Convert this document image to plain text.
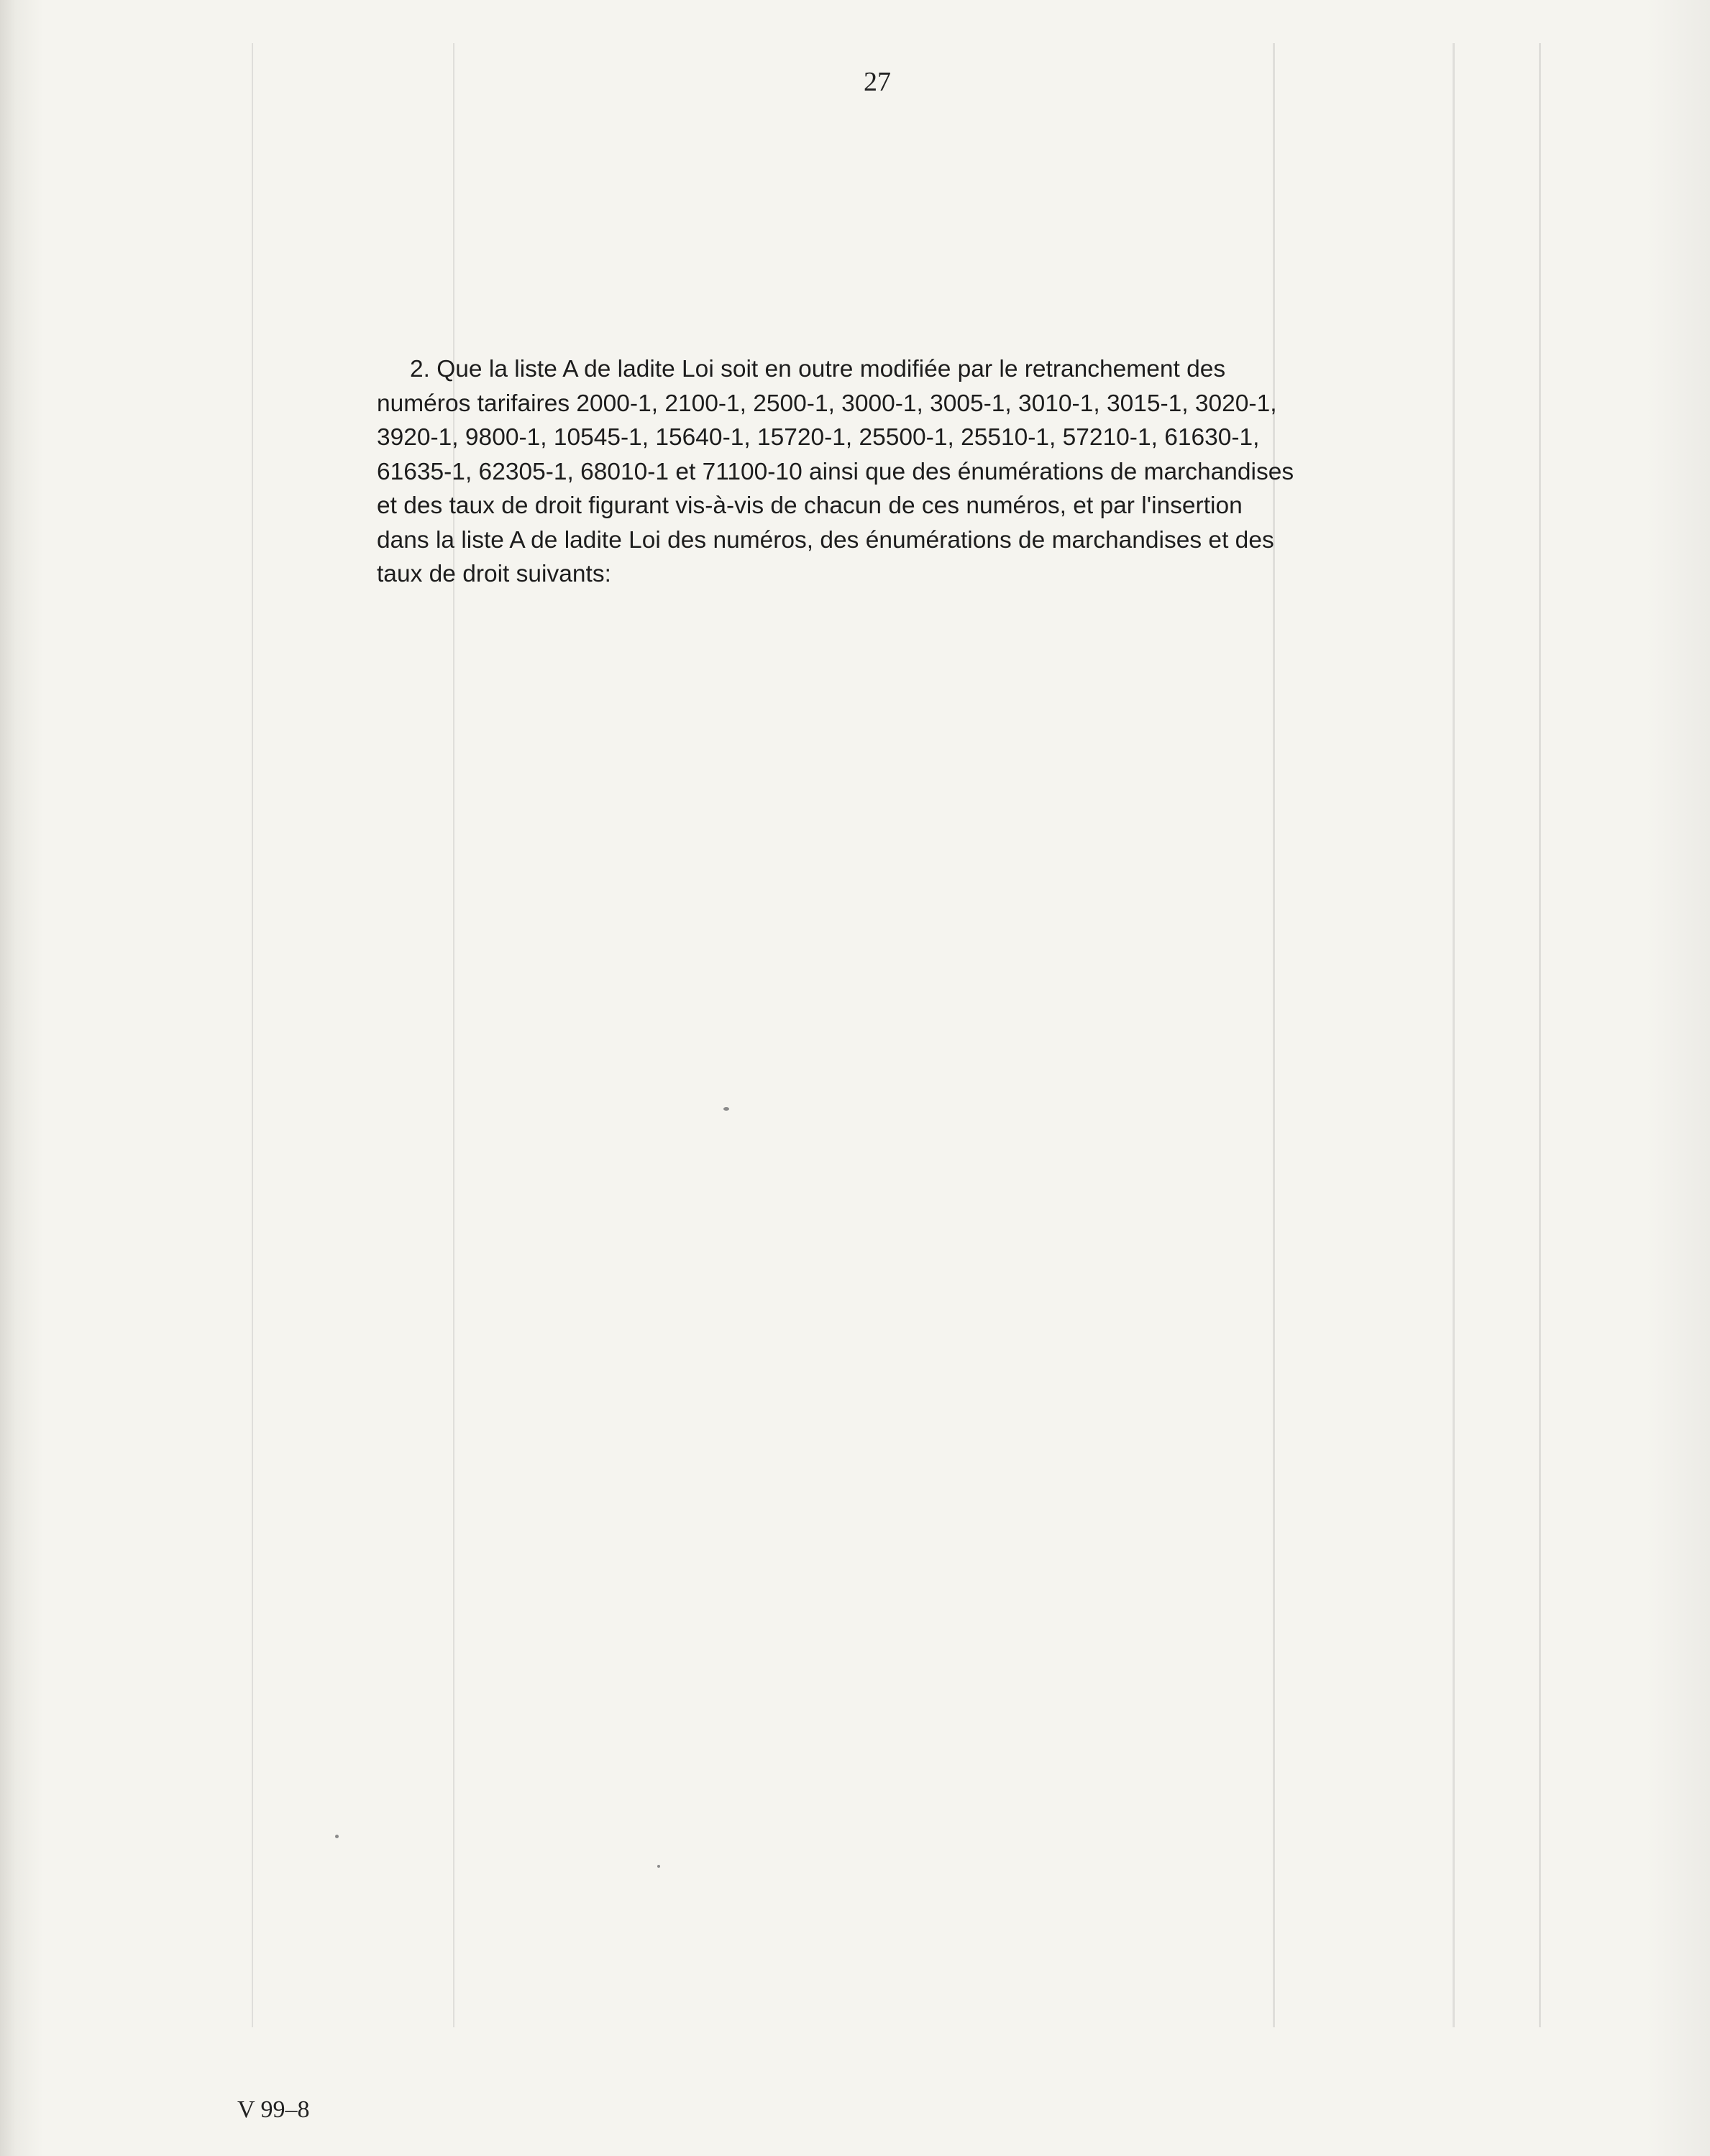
27
2. Que la liste A de ladite Loi soit en outre modifiée par le retranchement des
numéros tarifaires 2000-1, 2100-1, 2500-1, 3000-1, 3005-1, 3010-1, 3015-1, 3020-1,
3920-1, 9800-1, 10545-1, 15640-1, 15720-1, 25500-1, 25510-1, 57210-1, 61630-1,
61635-1, 62305-1, 68010-1 et 71100-10 ainsi que des énumérations de marchandises
et des taux de droit figurant vis-à-vis de chacun de ces numéros, et par l'insertion
dans la liste A de ladite Loi des numéros, des énumérations de marchandises et des
taux de droit suivants:
V 99–8
